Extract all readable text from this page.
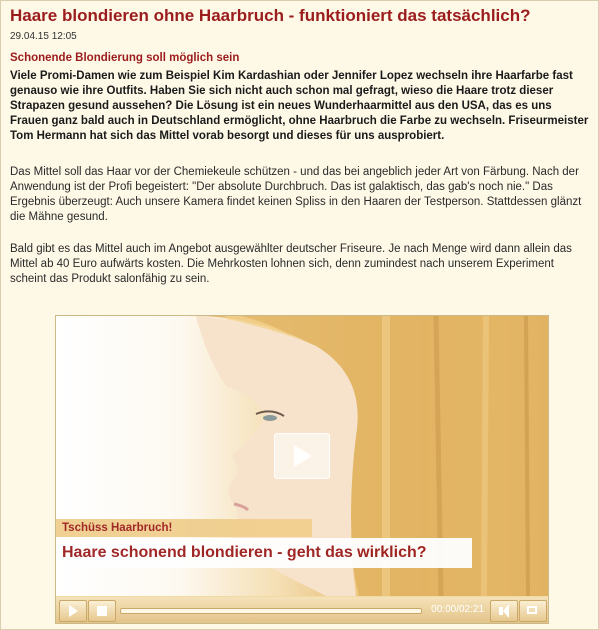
Haare blondieren ohne Haarbruch - funktioniert das tatsächlich?
29.04.15 12:05
Schonende Blondierung soll möglich sein
Viele Promi-Damen wie zum Beispiel Kim Kardashian oder Jennifer Lopez wechseln ihre Haarfarbe fast genauso wie ihre Outfits. Haben Sie sich nicht auch schon mal gefragt, wieso die Haare trotz dieser Strapazen gesund aussehen? Die Lösung ist ein neues Wunderhaarmittel aus den USA, das es uns Frauen ganz bald auch in Deutschland ermöglicht, ohne Haarbruch die Farbe zu wechseln. Friseurmeister Tom Hermann hat sich das Mittel vorab besorgt und dieses für uns ausprobiert.
Das Mittel soll das Haar vor der Chemiekeule schützen - und das bei angeblich jeder Art von Färbung. Nach der Anwendung ist der Profi begeistert: "Der absolute Durchbruch. Das ist galaktisch, das gab's noch nie." Das Ergebnis überzeugt: Auch unsere Kamera findet keinen Spliss in den Haaren der Testperson. Stattdessen glänzt die Mähne gesund.
Bald gibt es das Mittel auch im Angebot ausgewählter deutscher Friseure. Je nach Menge wird dann allein das Mittel ab 40 Euro aufwärts kosten. Die Mehrkosten lohnen sich, denn zumindest nach unserem Experiment scheint das Produkt salonfähig zu sein.
Tschüss Haarbruch!
Haare schonend blondieren - geht das wirklich?
00:00/02:21
